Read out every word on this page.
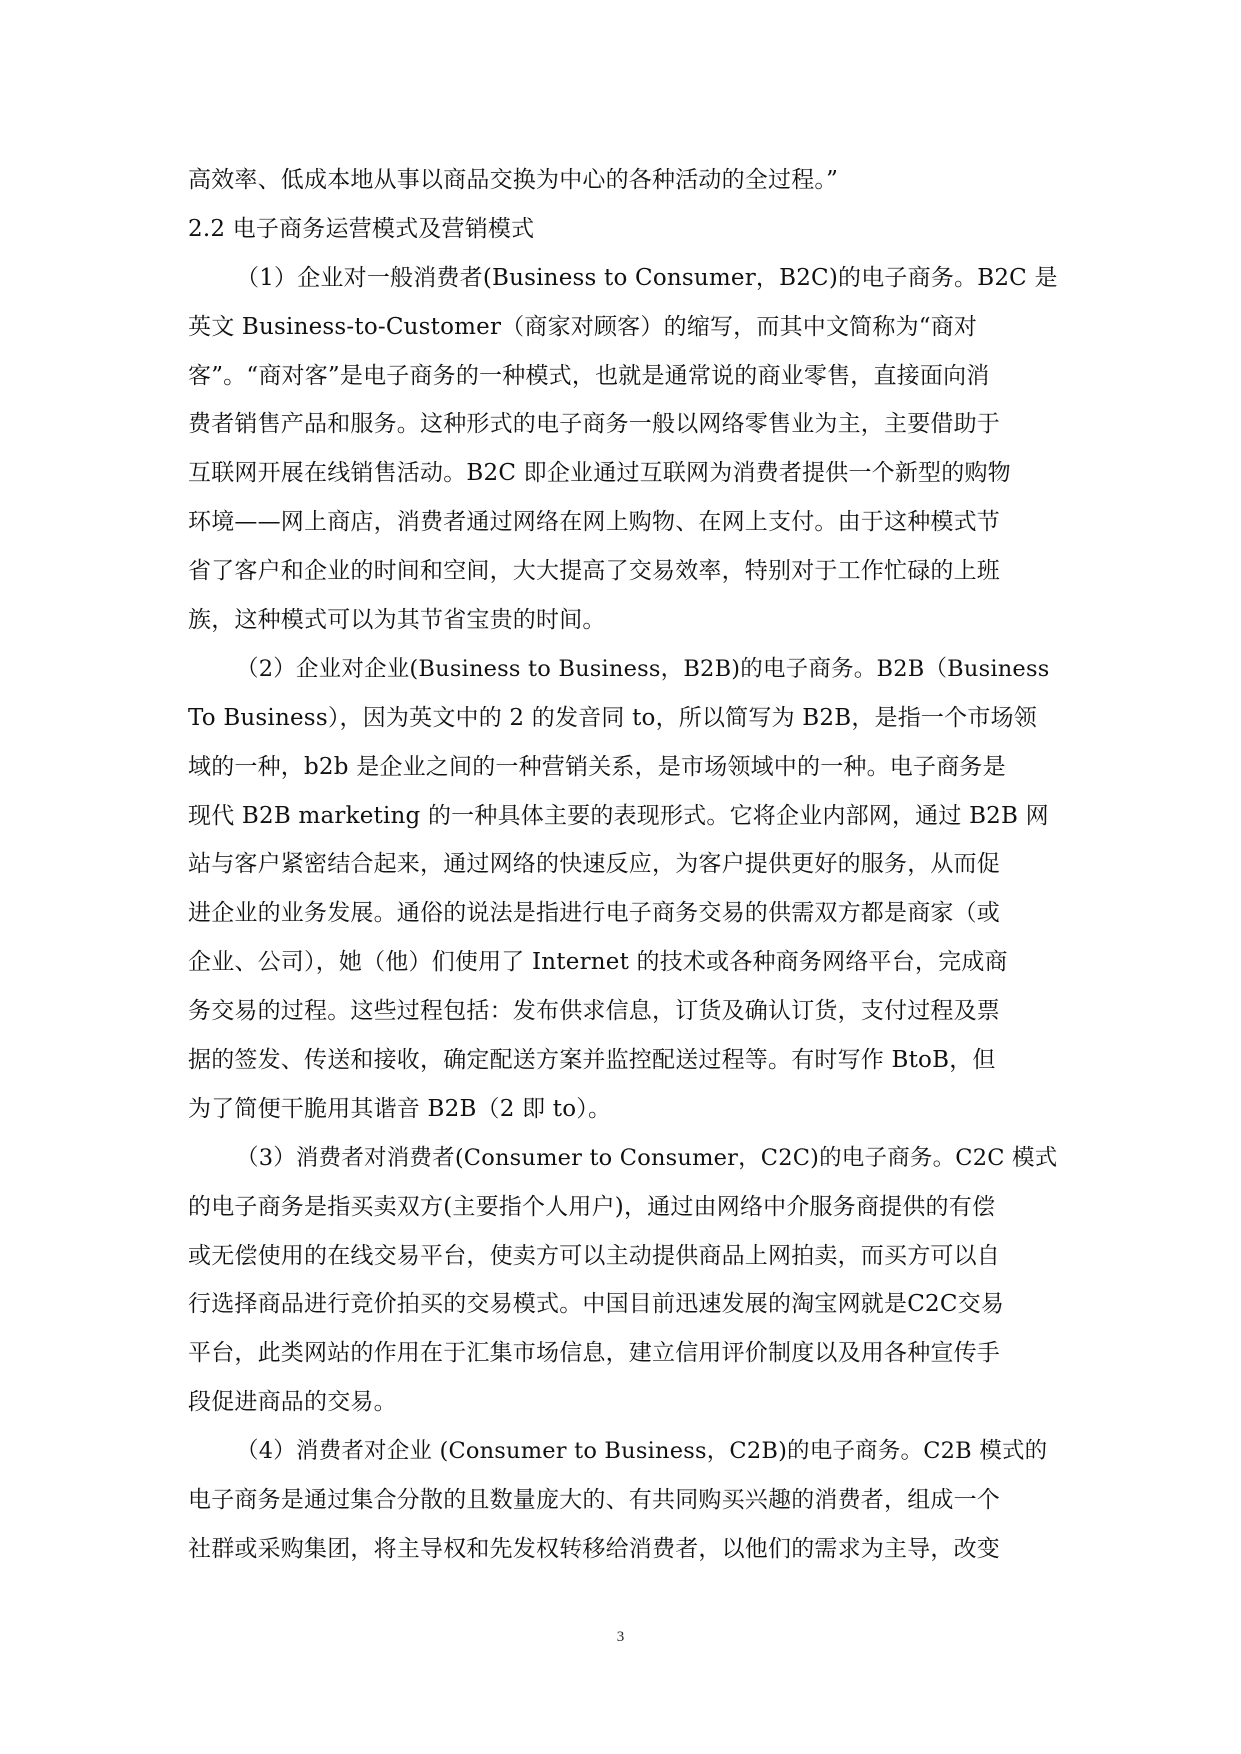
高效率、低成本地从事以商品交换为中心的各种活动的全过程。”
2.2 电子商务运营模式及营销模式
（1）企业对一般消费者(Business to Consumer，B2C)的电子商务。B2C 是
英文 Business-to-Customer（商家对顾客）的缩写，而其中文简称为“商对
客”。“商对客”是电子商务的一种模式，也就是通常说的商业零售，直接面向消
费者销售产品和服务。这种形式的电子商务一般以网络零售业为主，主要借助于
互联网开展在线销售活动。B2C 即企业通过互联网为消费者提供一个新型的购物
环境——网上商店，消费者通过网络在网上购物、在网上支付。由于这种模式节
省了客户和企业的时间和空间，大大提高了交易效率，特别对于工作忙碌的上班
族，这种模式可以为其节省宝贵的时间。
（2）企业对企业(Business to Business，B2B)的电子商务。B2B（Business
To Business），因为英文中的 2 的发音同 to，所以简写为 B2B，是指一个市场领
域的一种，b2b 是企业之间的一种营销关系，是市场领域中的一种。电子商务是
现代 B2B marketing 的一种具体主要的表现形式。它将企业内部网，通过 B2B 网
站与客户紧密结合起来，通过网络的快速反应，为客户提供更好的服务，从而促
进企业的业务发展。通俗的说法是指进行电子商务交易的供需双方都是商家（或
企业、公司），她（他）们使用了 Internet 的技术或各种商务网络平台，完成商
务交易的过程。这些过程包括：发布供求信息，订货及确认订货，支付过程及票
据的签发、传送和接收，确定配送方案并监控配送过程等。有时写作 BtoB，但
为了简便干脆用其谐音 B2B（2 即 to）。
（3）消费者对消费者(Consumer to Consumer，C2C)的电子商务。C2C 模式
的电子商务是指买卖双方(主要指个人用户)，通过由网络中介服务商提供的有偿
或无偿使用的在线交易平台，使卖方可以主动提供商品上网拍卖，而买方可以自
行选择商品进行竞价拍买的交易模式。中国目前迅速发展的淘宝网就是C2C交易
平台，此类网站的作用在于汇集市场信息，建立信用评价制度以及用各种宣传手
段促进商品的交易。
（4）消费者对企业 (Consumer to Business，C2B)的电子商务。C2B 模式的
电子商务是通过集合分散的且数量庞大的、有共同购买兴趣的消费者，组成一个
社群或采购集团，将主导权和先发权转移给消费者，以他们的需求为主导，改变
3
